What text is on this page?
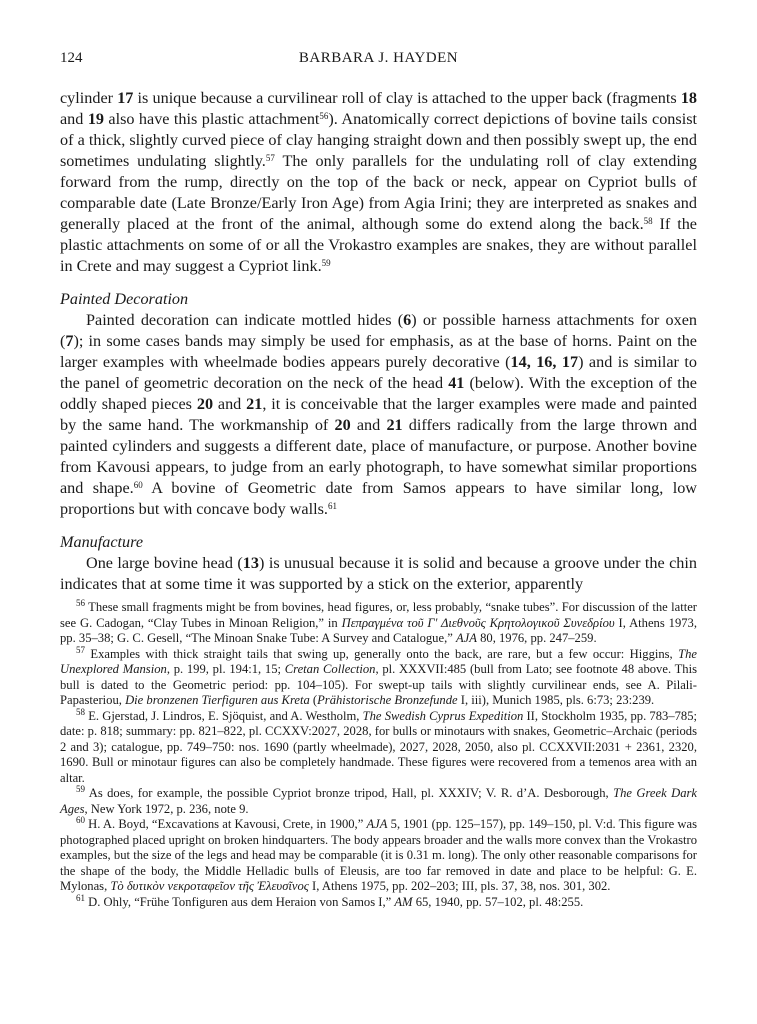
124	BARBARA J. HAYDEN

cylinder 17 is unique because a curvilinear roll of clay is attached to the upper back (fragments 18 and 19 also have this plastic attachment$^{56}$). Anatomically correct depictions of bovine tails consist of a thick, slightly curved piece of clay hanging straight down and then possibly swept up, the end sometimes undulating slightly.$^{57}$ The only parallels for the undulating roll of clay extending forward from the rump, directly on the top of the back or neck, appear on Cypriot bulls of comparable date (Late Bronze/Early Iron Age) from Agia Irini; they are interpreted as snakes and generally placed at the front of the animal, although some do extend along the back.$^{58}$ If the plastic attachments on some of or all the Vrokastro examples are snakes, they are without parallel in Crete and may suggest a Cypriot link.$^{59}$

Painted Decoration

Painted decoration can indicate mottled hides (6) or possible harness attachments for oxen (7); in some cases bands may simply be used for emphasis, as at the base of horns. Paint on the larger examples with wheelmade bodies appears purely decorative (14, 16, 17) and is similar to the panel of geometric decoration on the neck of the head 41 (below). With the exception of the oddly shaped pieces 20 and 21, it is conceivable that the larger examples were made and painted by the same hand. The workmanship of 20 and 21 differs radically from the large thrown and painted cylinders and suggests a different date, place of manufacture, or purpose. Another bovine from Kavousi appears, to judge from an early photograph, to have somewhat similar proportions and shape.$^{60}$ A bovine of Geometric date from Samos appears to have similar long, low proportions but with concave body walls.$^{61}$

Manufacture

One large bovine head (13) is unusual because it is solid and because a groove under the chin indicates that at some time it was supported by a stick on the exterior, apparently

$^{56}$ These small fragments might be from bovines, head figures, or, less probably, “snake tubes”. For discussion of the latter see G. Cadogan, “Clay Tubes in Minoan Religion,” in Πεπραγμένα τοῦ Γ' Διεθνοῦς Κρητολογικοῦ Συνεδρίου I, Athens 1973, pp. 35–38; G. C. Gesell, “The Minoan Snake Tube: A Survey and Catalogue,” AJA 80, 1976, pp. 247–259.

$^{57}$ Examples with thick straight tails that swing up, generally onto the back, are rare, but a few occur: Higgins, The Unexplored Mansion, p. 199, pl. 194:1, 15; Cretan Collection, pl. XXXVII:485 (bull from Lato; see footnote 48 above. This bull is dated to the Geometric period: pp. 104–105). For swept-up tails with slightly curvilinear ends, see A. Pilali-Papasteriou, Die bronzenen Tierfiguren aus Kreta (Prähistorische Bronzefunde I, iii), Munich 1985, pls. 6:73; 23:239.

$^{58}$ E. Gjerstad, J. Lindros, E. Sjöquist, and A. Westholm, The Swedish Cyprus Expedition II, Stockholm 1935, pp. 783–785; date: p. 818; summary: pp. 821–822, pl. CCXXV:2027, 2028, for bulls or minotaurs with snakes, Geometric–Archaic (periods 2 and 3); catalogue, pp. 749–750: nos. 1690 (partly wheelmade), 2027, 2028, 2050, also pl. CCXXVII:2031 + 2361, 2320, 1690. Bull or minotaur figures can also be completely handmade. These figures were recovered from a temenos area with an altar.

$^{59}$ As does, for example, the possible Cypriot bronze tripod, Hall, pl. XXXIV; V. R. d’A. Desborough, The Greek Dark Ages, New York 1972, p. 236, note 9.

$^{60}$ H. A. Boyd, “Excavations at Kavousi, Crete, in 1900,” AJA 5, 1901 (pp. 125–157), pp. 149–150, pl. V:d. This figure was photographed placed upright on broken hindquarters. The body appears broader and the walls more convex than the Vrokastro examples, but the size of the legs and head may be comparable (it is 0.31 m. long). The only other reasonable comparisons for the shape of the body, the Middle Helladic bulls of Eleusis, are too far removed in date and place to be helpful: G. E. Mylonas, Τὸ δυτικὸν νεκροταφεῖον τῆς Ἐλευσῖνος I, Athens 1975, pp. 202–203; III, pls. 37, 38, nos. 301, 302.

$^{61}$ D. Ohly, “Frühe Tonfiguren aus dem Heraion von Samos I,” AM 65, 1940, pp. 57–102, pl. 48:255.
